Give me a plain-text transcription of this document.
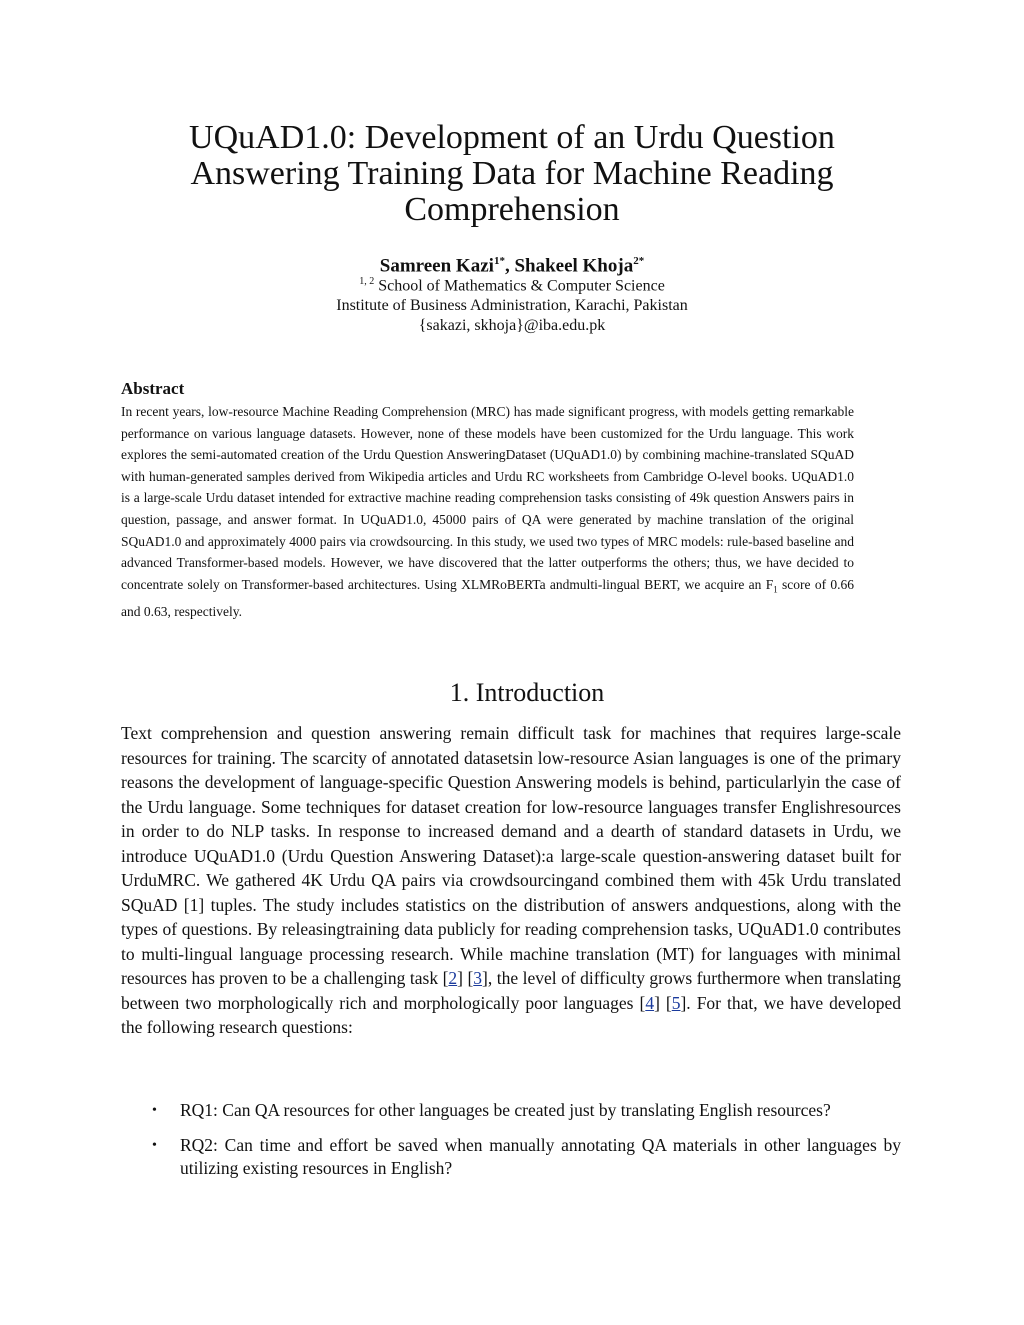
UQuAD1.0: Development of an Urdu Question Answering Training Data for Machine Reading Comprehension
Samreen Kazi$^{1*}$, Shakeel Khoja$^{2*}$
$^{1, 2}$ School of Mathematics & Computer Science
Institute of Business Administration, Karachi, Pakistan
{sakazi, skhoja}@iba.edu.pk
Abstract

In recent years, low-resource Machine Reading Comprehension (MRC) has made significant progress, with models getting remarkable performance on various language datasets. However, none of these models have been customized for the Urdu language. This work explores the semi-automated creation of the Urdu Question AnsweringDataset (UQuAD1.0) by combining machine-translated SQuAD with human-generated samples derived from Wikipedia articles and Urdu RC worksheets from Cambridge O-level books. UQuAD1.0 is a large-scale Urdu dataset intended for extractive machine reading comprehension tasks consisting of 49k question Answers pairs in question, passage, and answer format. In UQuAD1.0, 45000 pairs of QA were generated by machine translation of the original SQuAD1.0 and approximately 4000 pairs via crowdsourcing. In this study, we used two types of MRC models: rule-based baseline and advanced Transformer-based models. However, we have discovered that the latter outperforms the others; thus, we have decided to concentrate solely on Transformer-based architectures. Using XLMRoBERTa andmulti-lingual BERT, we acquire an $F_1$ score of 0.66 and 0.63, respectively.

1. Introduction

Text comprehension and question answering remain difficult task for machines that requires large-scale resources for training. The scarcity of annotated datasetsin low-resource Asian languages is one of the primary reasons the development of language-specific Question Answering models is behind, particularlyin the case of the Urdu language. Some techniques for dataset creation for low-resource languages transfer Englishresources in order to do NLP tasks. In response to increased demand and a dearth of standard datasets in Urdu, we introduce UQuAD1.0 (Urdu Question Answering Dataset):a large-scale question-answering dataset built for UrduMRC. We gathered 4K Urdu QA pairs via crowdsourcingand combined them with 45k Urdu translated SQuAD [1] tuples. The study includes statistics on the distribution of answers andquestions, along with the types of questions. By releasingtraining data publicly for reading comprehension tasks, UQuAD1.0 contributes to multi-lingual language processing research. While machine translation (MT) for languages with minimal resources has proven to be a challenging task [2] [3], the level of difficulty grows furthermore when translating between two morphologically rich and morphologically poor languages [4] [5]. For that, we have developed the following research questions:

• RQ1: Can QA resources for other languages be created just by translating English resources?
• RQ2: Can time and effort be saved when manually annotating QA materials in other languages by utilizing existing resources in English?
